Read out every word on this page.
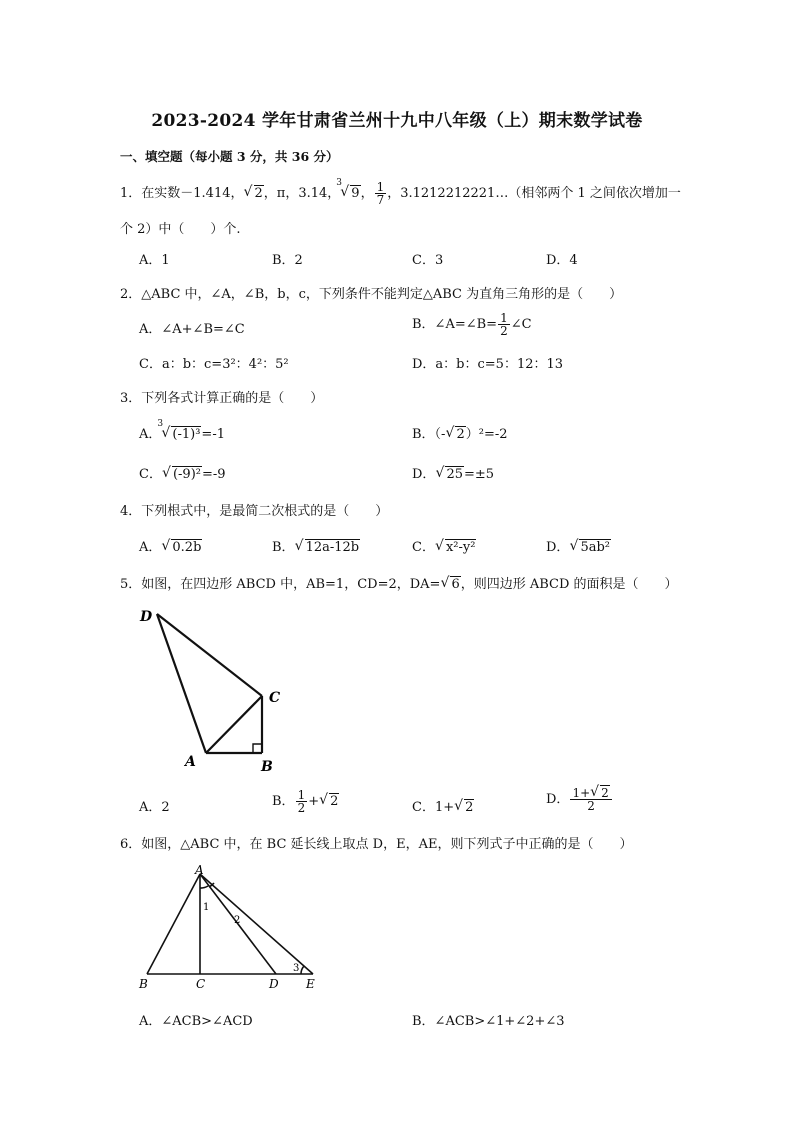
2023-2024 学年甘肃省兰州十九中八年级（上）期末数学试卷
一、填空题（每小题 3 分，共 36 分）
1．在实数－1.414， √ 2，π，3.14，
3
√ 9， $\frac{1}{7}$ ，3.1212212221…（相邻两个 1 之间依次增加一
个 2）中（　　）个.
A．1	B．2	C．3	D．4
2．△ABC 中，∠A，∠B，b，c，下列条件不能判定△ABC 为直角三角形的是（　　）
A．∠A+∠B=∠C	B．∠A=∠B= $\frac{1}{2}$ ∠C
C．a：b：c=3²：4²：5²	D．a：b：c=5：12：13
3．下列各式计算正确的是（　　）
A．
3
√ (-1)³=-1	B．（- √ 2）²=-2
C． √ (-9)²=-9	D． √ 25=±5
4．下列根式中，是最简二次根式的是（　　）
A． √ 0.2b	B． √ 12a-12b	C． √ x²-y²	D． √ 5ab²
5．如图，在四边形 ABCD 中，AB=1，CD=2，DA= √ 6，则四边形 ABCD 的面积是（　　）
D
C
A	B
A．2	B． $\frac{1}{2}$ + √ 2	C．1+ √ 2
D． $\frac{1+ √ 2}{2}$
6．如图，△ABC 中，在 BC 延长线上取点 D，E，AE，则下列式子中正确的是（　　）
A
B	C	D E
1
2
3
A．∠ACB>∠ACD	B．∠ACB>∠1+∠2+∠3
